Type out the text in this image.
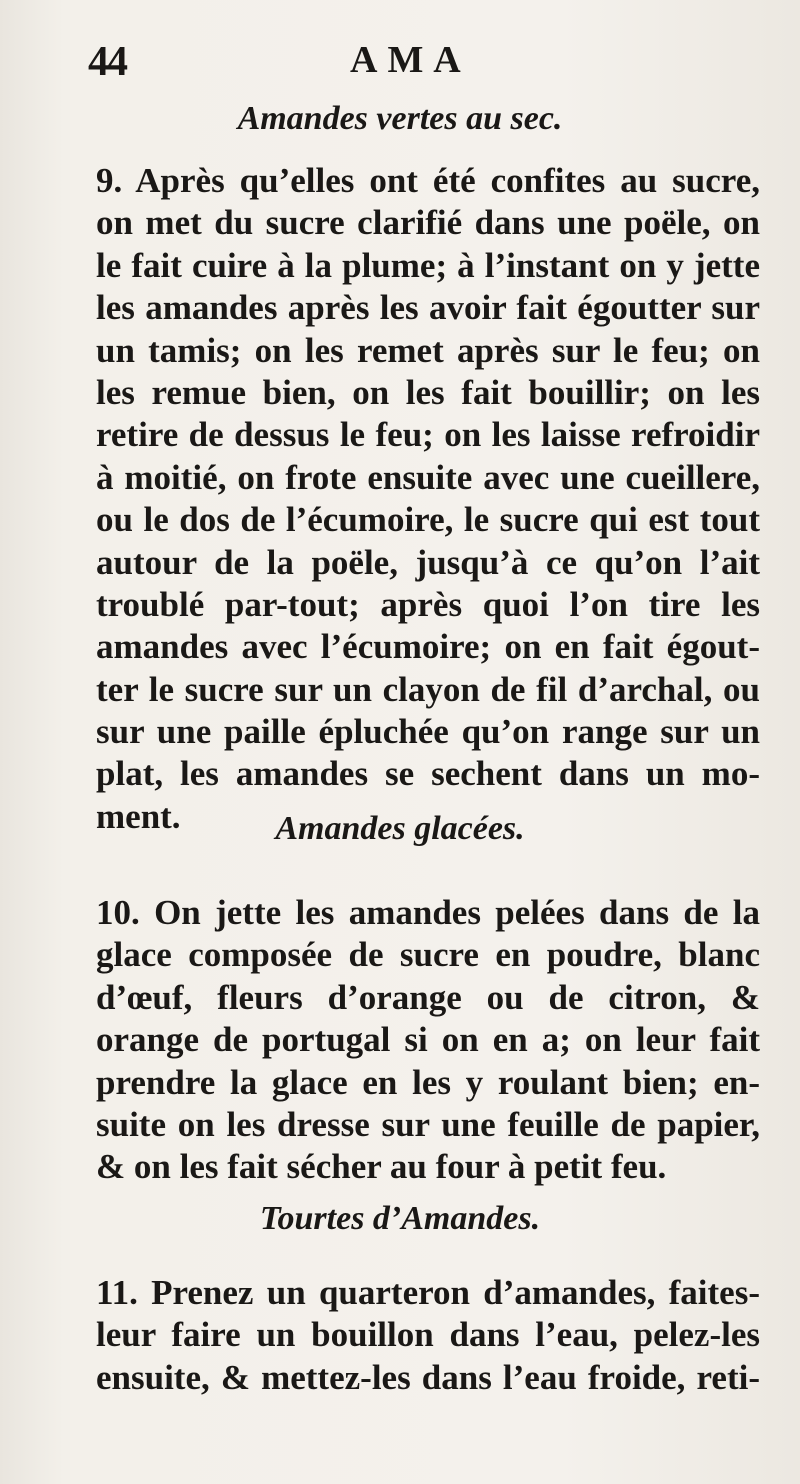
44	AMA
Amandes vertes au sec.
9. Après qu’elles ont été confites au sucre,
on met du sucre clarifié dans une poële, on
le fait cuire à la plume; à l’instant on y jette
les amandes après les avoir fait égoutter sur
un tamis; on les remet après sur le feu; on
les remue bien, on les fait bouillir; on les
retire de dessus le feu; on les laisse refroidir
à moitié, on frote ensuite avec une cueillere,
ou le dos de l’écumoire, le sucre qui est tout
autour de la poële, jusqu’à ce qu’on l’ait
troublé par-tout; après quoi l’on tire les
amandes avec l’écumoire; on en fait égout-
ter le sucre sur un clayon de fil d’archal, ou
sur une paille épluchée qu’on range sur un
plat, les amandes se sechent dans un mo-
ment.	Amandes glacées.
10. On jette les amandes pelées dans de la
glace composée de sucre en poudre, blanc
d’œuf, fleurs d’orange ou de citron, &
orange de portugal si on en a; on leur fait
prendre la glace en les y roulant bien; en-
suite on les dresse sur une feuille de papier,
& on les fait sécher au four à petit feu.
Tourtes d’Amandes.
11. Prenez un quarteron d’amandes, faites-
leur faire un bouillon dans l’eau, pelez-les
ensuite, & mettez-les dans l’eau froide, reti-
